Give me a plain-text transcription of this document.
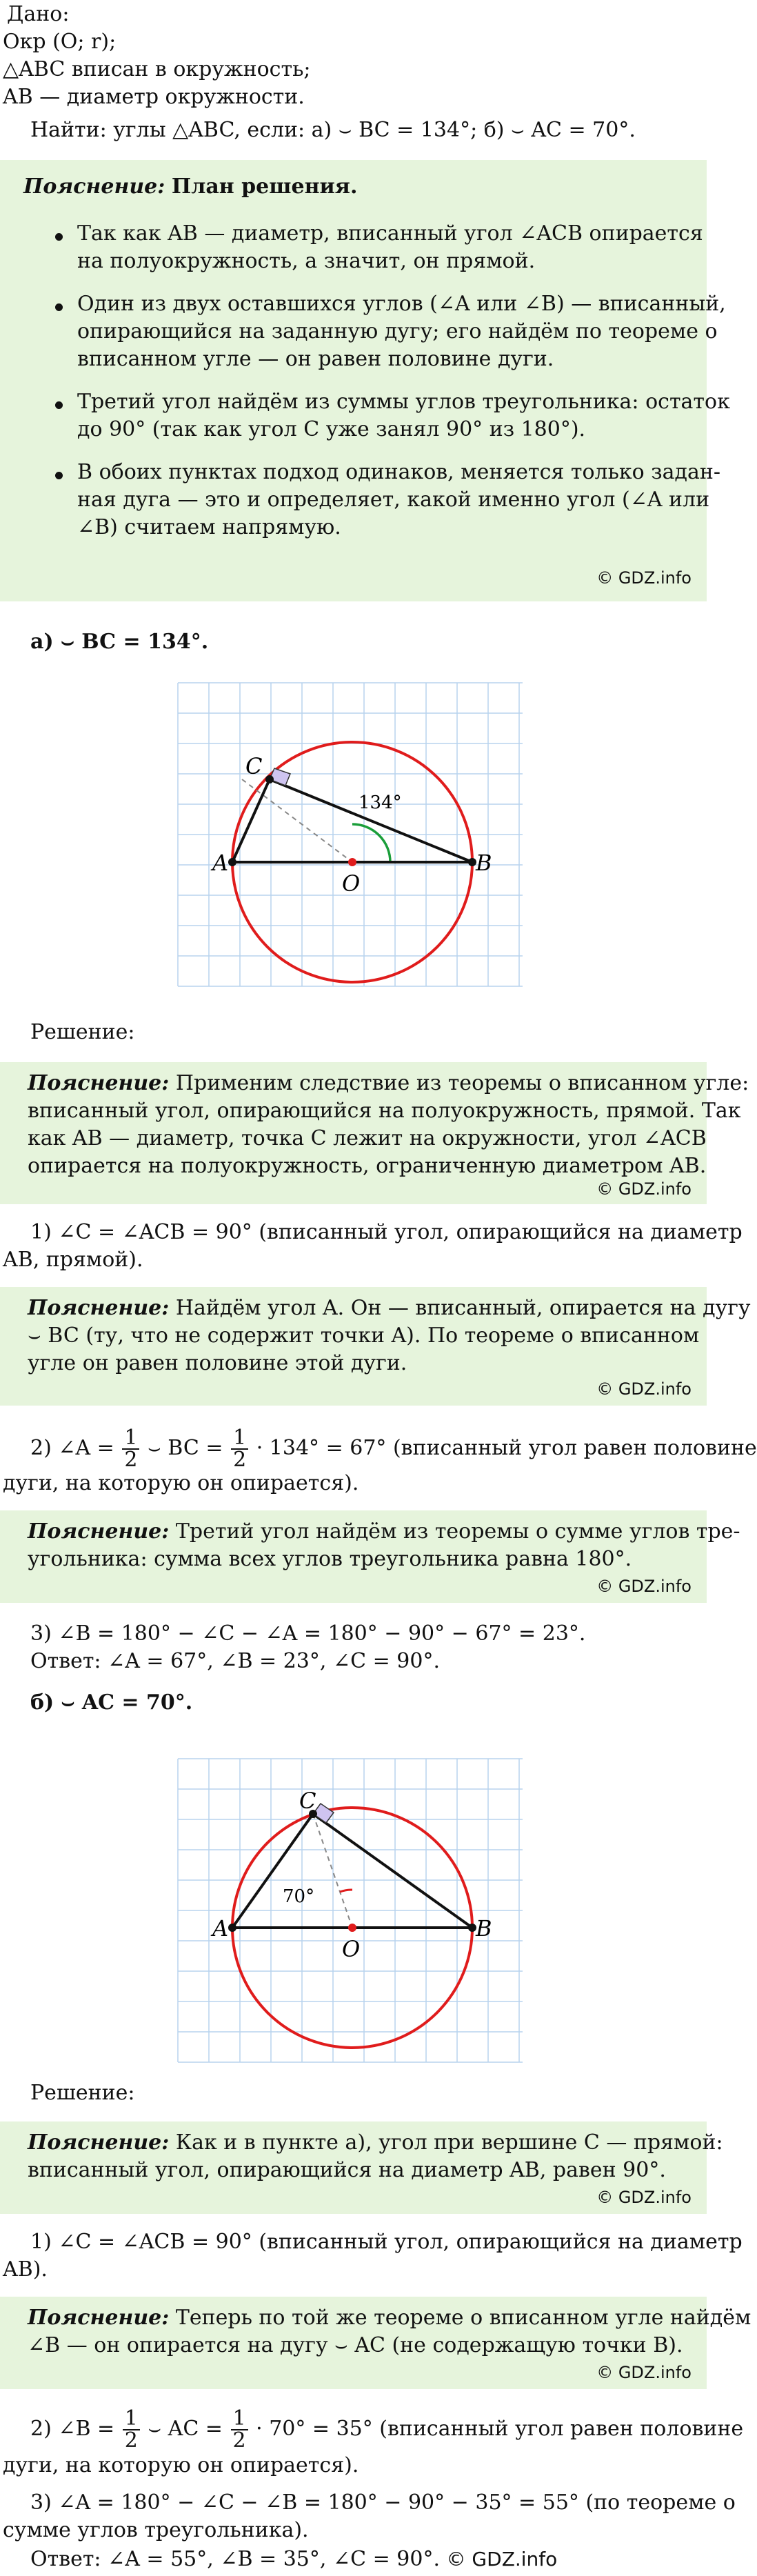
Дано:
Окр (O; r);
△ABC вписан в окружность;
AB — диаметр окружности.
Найти: углы △ABC, если: а) ⌣ BC = 134°; б) ⌣ AC = 70°.
Пояснение: План решения.
Так как AB — диаметр, вписанный угол ∠ACB опирается
на полуокружность, а значит, он прямой.
Один из двух оставшихся углов (∠A или ∠B) — вписанный,
опирающийся на заданную дугу; его найдём по теореме о
вписанном угле — он равен половине дуги.
Третий угол найдём из суммы углов треугольника: остаток
до 90° (так как угол C уже занял 90° из 180°).
В обоих пунктах подход одинаков, меняется только задан-
ная дуга — это и определяет, какой именно угол (∠A или
∠B) считаем напрямую.
© GDZ.info
а) ⌣ BC = 134°.
A	B
C
O
134°
Решение:
Пояснение: Применим следствие из теоремы о вписанном угле:
вписанный угол, опирающийся на полуокружность, прямой. Так
как AB — диаметр, точка C лежит на окружности, угол ∠ACB
опирается на полуокружность, ограниченную диаметром AB.
© GDZ.info
1) ∠C = ∠ACB = 90° (вписанный угол, опирающийся на диаметр
AB, прямой).
Пояснение: Найдём угол A. Он — вписанный, опирается на дугу
⌣ BC (ту, что не содержит точки A). По теореме о вписанном
угле он равен половине этой дуги.
© GDZ.info
2) ∠A = $\frac{1}{2}$ ⌣ BC = $\frac{1}{2} \cdot 134^\circ = 67^\circ$ (вписанный угол равен половине
дуги, на которую он опирается).
Пояснение: Третий угол найдём из теоремы о сумме углов тре-
угольника: сумма всех углов треугольника равна 180°.
© GDZ.info
3) ∠B = 180° − ∠C − ∠A = 180° − 90° − 67° = 23°.
Ответ: ∠A = 67°, ∠B = 23°, ∠C = 90°.
б) ⌣ AC = 70°.
A	B
C
O
70°
Решение:
Пояснение: Как и в пункте а), угол при вершине C — прямой:
вписанный угол, опирающийся на диаметр AB, равен 90°.
© GDZ.info
1) ∠C = ∠ACB = 90° (вписанный угол, опирающийся на диаметр
AB).
Пояснение: Теперь по той же теореме о вписанном угле найдём
∠B — он опирается на дугу ⌣ AC (не содержащую точки B).
© GDZ.info
2) ∠B = $\frac{1}{2}$ ⌣ AC = $\frac{1}{2} \cdot 70^\circ = 35^\circ$ (вписанный угол равен половине
дуги, на которую он опирается).
3) ∠A = 180° − ∠C − ∠B = 180° − 90° − 35° = 55° (по теореме о
сумме углов треугольника).
Ответ: ∠A = 55°, ∠B = 35°, ∠C = 90°. © GDZ.info
